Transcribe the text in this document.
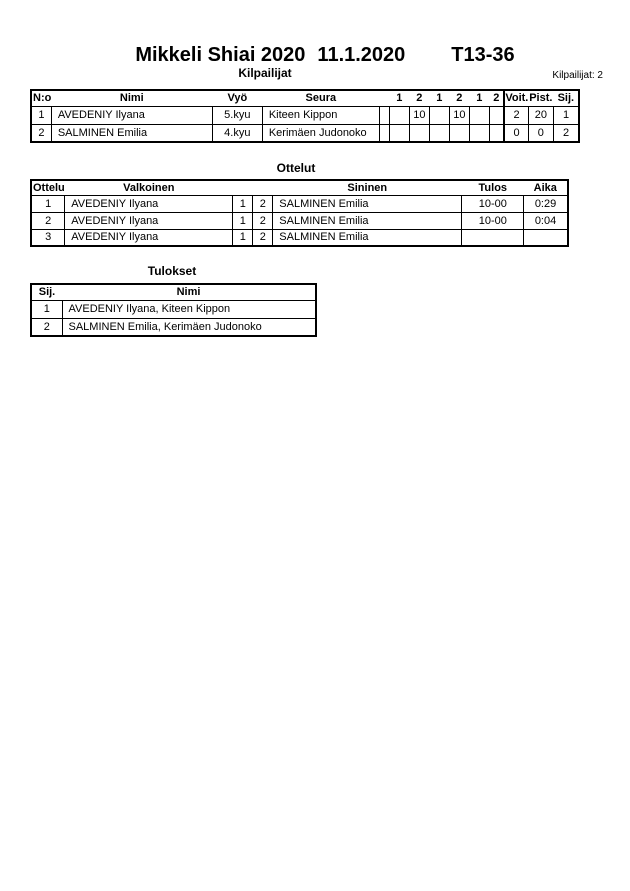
Mikkeli Shiai 2020 11.1.2020 T13-36
Kilpailijat	Kilpailijat: 2
N:o	Nimi	Vyö	Seura		1	2	1	2	1	2	Voit.	Pist.	Sij.
1	AVEDENIY Ilyana	5.kyu	Kiteen Kippon			10		10			2	20	1
2	SALMINEN Emilia	4.kyu	Kerimäen Judonoko								0	0	2
Ottelut
Ottelu	Valkoinen			Sininen	Tulos	Aika
1	AVEDENIY Ilyana	1	2	SALMINEN Emilia	10-00	0:29
2	AVEDENIY Ilyana	1	2	SALMINEN Emilia	10-00	0:04
3	AVEDENIY Ilyana	1	2	SALMINEN Emilia		
Tulokset
Sij.	Nimi
1	AVEDENIY Ilyana, Kiteen Kippon
2	SALMINEN Emilia, Kerimäen Judonoko
